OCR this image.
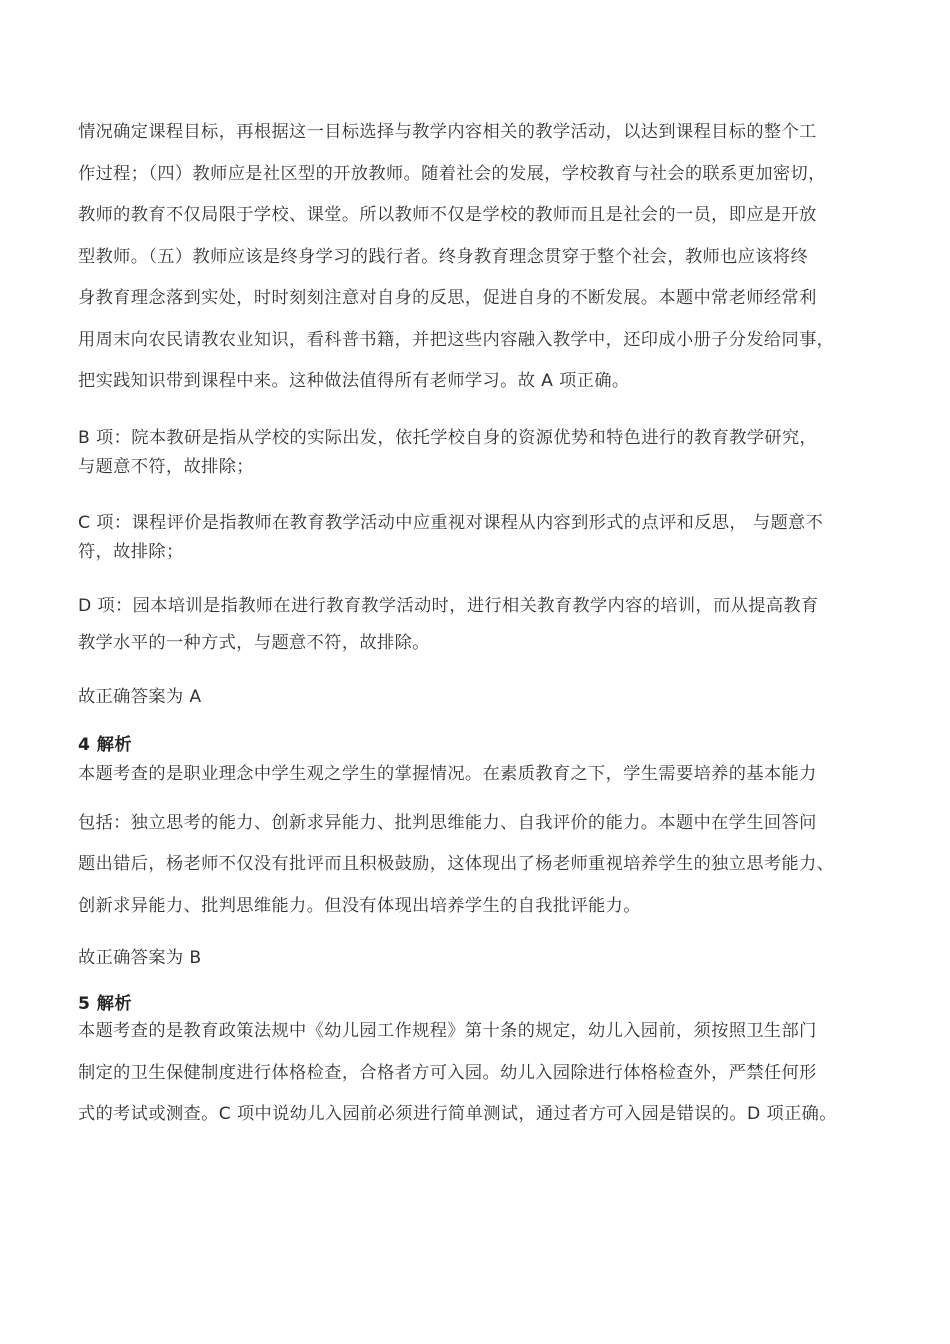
情况确定课程目标，再根据这一目标选择与教学内容相关的教学活动，以达到课程目标的整个工
作过程；（四）教师应是社区型的开放教师。随着社会的发展，学校教育与社会的联系更加密切，
教师的教育不仅局限于学校、课堂。所以教师不仅是学校的教师而且是社会的一员，即应是开放
型教师。（五）教师应该是终身学习的践行者。终身教育理念贯穿于整个社会，教师也应该将终
身教育理念落到实处，时时刻刻注意对自身的反思，促进自身的不断发展。本题中常老师经常利
用周末向农民请教农业知识，看科普书籍，并把这些内容融入教学中，还印成小册子分发给同事，
把实践知识带到课程中来。这种做法值得所有老师学习。故 A 项正确。
B 项：院本教研是指从学校的实际出发，依托学校自身的资源优势和特色进行的教育教学研究，
与题意不符，故排除；
C 项：课程评价是指教师在教育教学活动中应重视对课程从内容到形式的点评和反思， 与题意不
符，故排除；
D 项：园本培训是指教师在进行教育教学活动时，进行相关教育教学内容的培训，而从提高教育
教学水平的一种方式，与题意不符，故排除。

故正确答案为 A

4 解析

本题考查的是职业理念中学生观之学生的掌握情况。在素质教育之下，学生需要培养的基本能力

包括：独立思考的能力、创新求异能力、批判思维能力、自我评价的能力。本题中在学生回答问
题出错后，杨老师不仅没有批评而且积极鼓励，这体现出了杨老师重视培养学生的独立思考能力、
创新求异能力、批判思维能力。但没有体现出培养学生的自我批评能力。

故正确答案为 B

5 解析

本题考查的是教育政策法规中《幼儿园工作规程》第十条的规定，幼儿入园前，须按照卫生部门
制定的卫生保健制度进行体格检查，合格者方可入园。幼儿入园除进行体格检查外，严禁任何形
式的考试或测查。C 项中说幼儿入园前必须进行简单测试，通过者方可入园是错误的。D 项正确。
